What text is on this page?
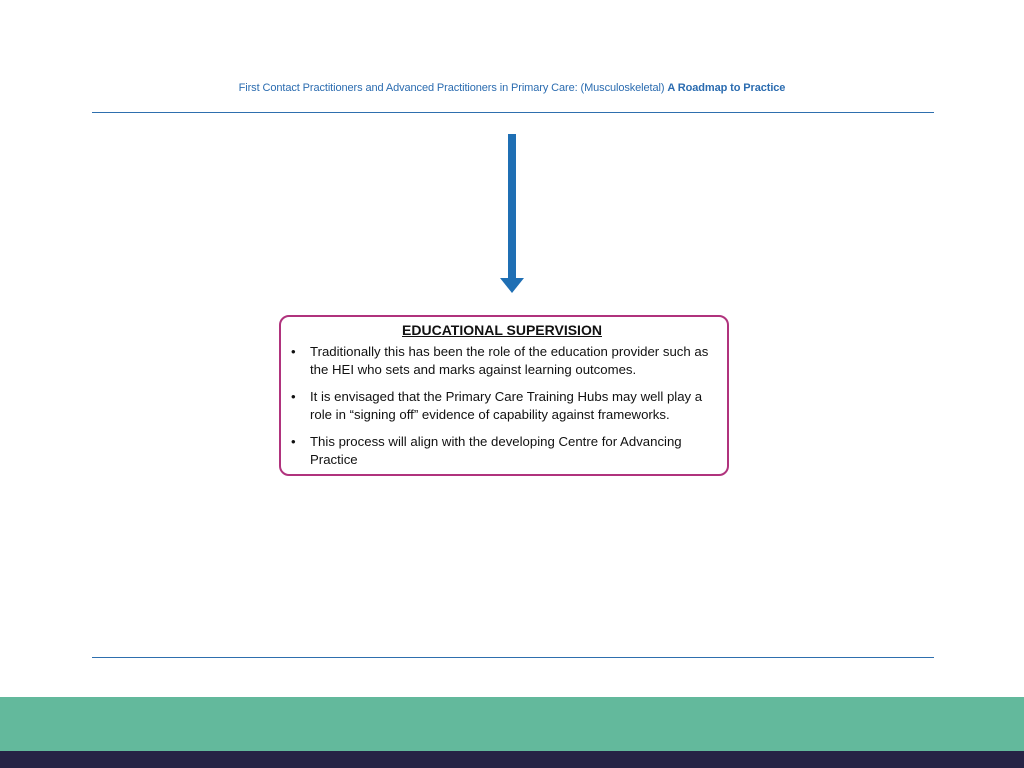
First Contact Practitioners and Advanced Practitioners in Primary Care: (Musculoskeletal) A Roadmap to Practice
EDUCATIONAL SUPERVISION
• Traditionally this has been the role of the education provider such as the HEI who sets and marks against learning outcomes.
• It is envisaged that the Primary Care Training Hubs may well play a role in “signing off” evidence of capability against frameworks.
• This process will align with the developing Centre for Advancing Practice
